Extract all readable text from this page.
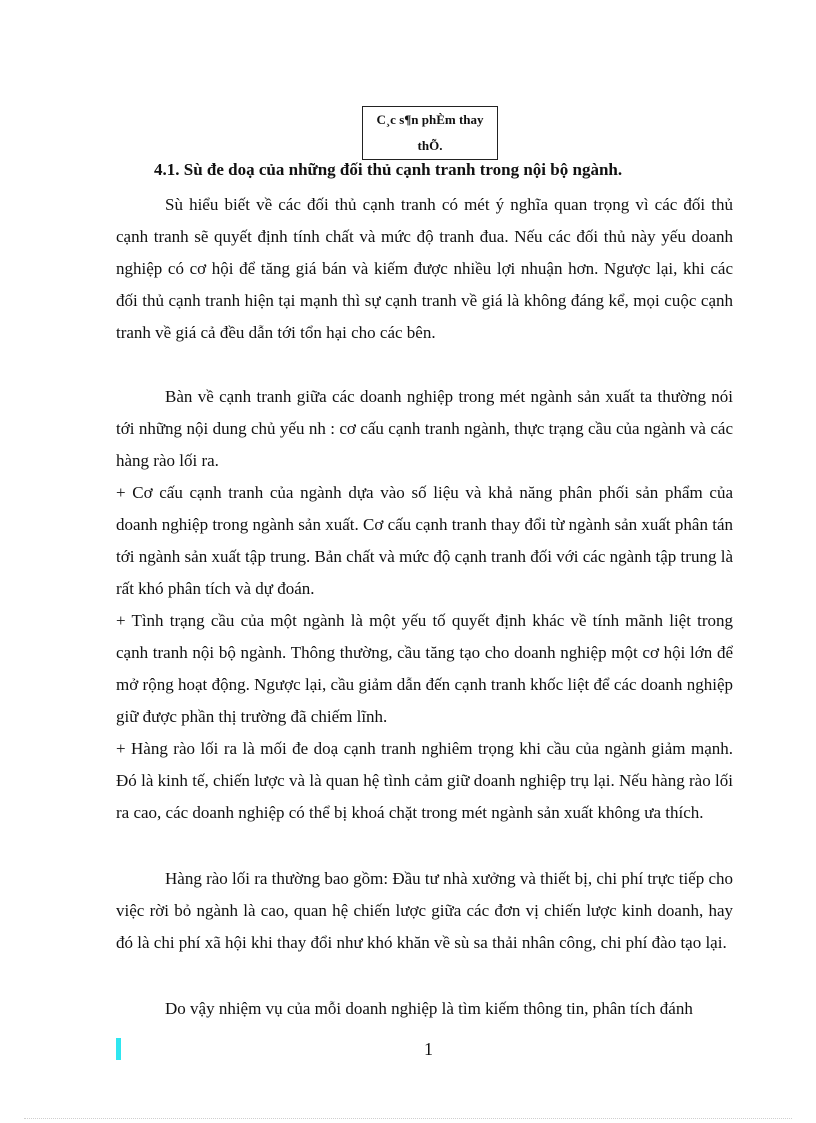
C¸c s¶n phÈm thay
thÕ.
4.1. Sù đe doạ của những đối thủ cạnh tranh trong nội bộ ngành.

Sù hiểu biết về các đối thủ cạnh tranh có mét ý nghĩa quan trọng vì các đối thủ cạnh tranh sẽ quyết định tính chất và mức độ tranh đua. Nếu các đối thủ này yếu doanh nghiệp có cơ hội để tăng giá bán và kiếm được nhiều lợi nhuận hơn. Ngược lại, khi các đối thủ cạnh tranh hiện tại mạnh thì sự cạnh tranh về giá là không đáng kể, mọi cuộc cạnh tranh về giá cả đều dẫn tới tổn hại cho các bên.

Bàn về cạnh tranh giữa các doanh nghiệp trong mét ngành sản xuất ta thường nói tới những nội dung chủ yếu nh : cơ cấu cạnh tranh ngành, thực trạng cầu của ngành và các hàng rào lối ra.

+ Cơ cấu cạnh tranh của ngành dựa vào số liệu và khả năng phân phối sản phẩm của doanh nghiệp trong ngành sản xuất. Cơ cấu cạnh tranh thay đổi từ ngành sản xuất phân tán tới ngành sản xuất tập trung. Bản chất và mức độ cạnh tranh đối với các ngành tập trung là rất khó phân tích và dự đoán.

+ Tình trạng cầu của một ngành là một yếu tố quyết định khác về tính mãnh liệt trong cạnh tranh nội bộ ngành. Thông thường, cầu tăng tạo cho doanh nghiệp một cơ hội lớn để mở rộng hoạt động. Ngược lại, cầu giảm dẫn đến cạnh tranh khốc liệt để các doanh nghiệp giữ được phần thị trường đã chiếm lĩnh.

+ Hàng rào lối ra là mối đe doạ cạnh tranh nghiêm trọng khi cầu của ngành giảm mạnh. Đó là kinh tế, chiến lược và là quan hệ tình cảm giữ doanh nghiệp trụ lại. Nếu hàng rào lối ra cao, các doanh nghiệp có thể bị khoá chặt trong mét ngành sản xuất không ưa thích.

Hàng rào lối ra thường bao gồm: Đầu tư nhà xưởng và thiết bị, chi phí trực tiếp cho việc rời bỏ ngành là cao, quan hệ chiến lược giữa các đơn vị chiến lược kinh doanh, hay đó là chi phí xã hội khi thay đổi như khó khăn về sù sa thải nhân công, chi phí đào tạo lại.

Do vậy nhiệm vụ của mỗi doanh nghiệp là tìm kiếm thông tin, phân tích đánh

1
